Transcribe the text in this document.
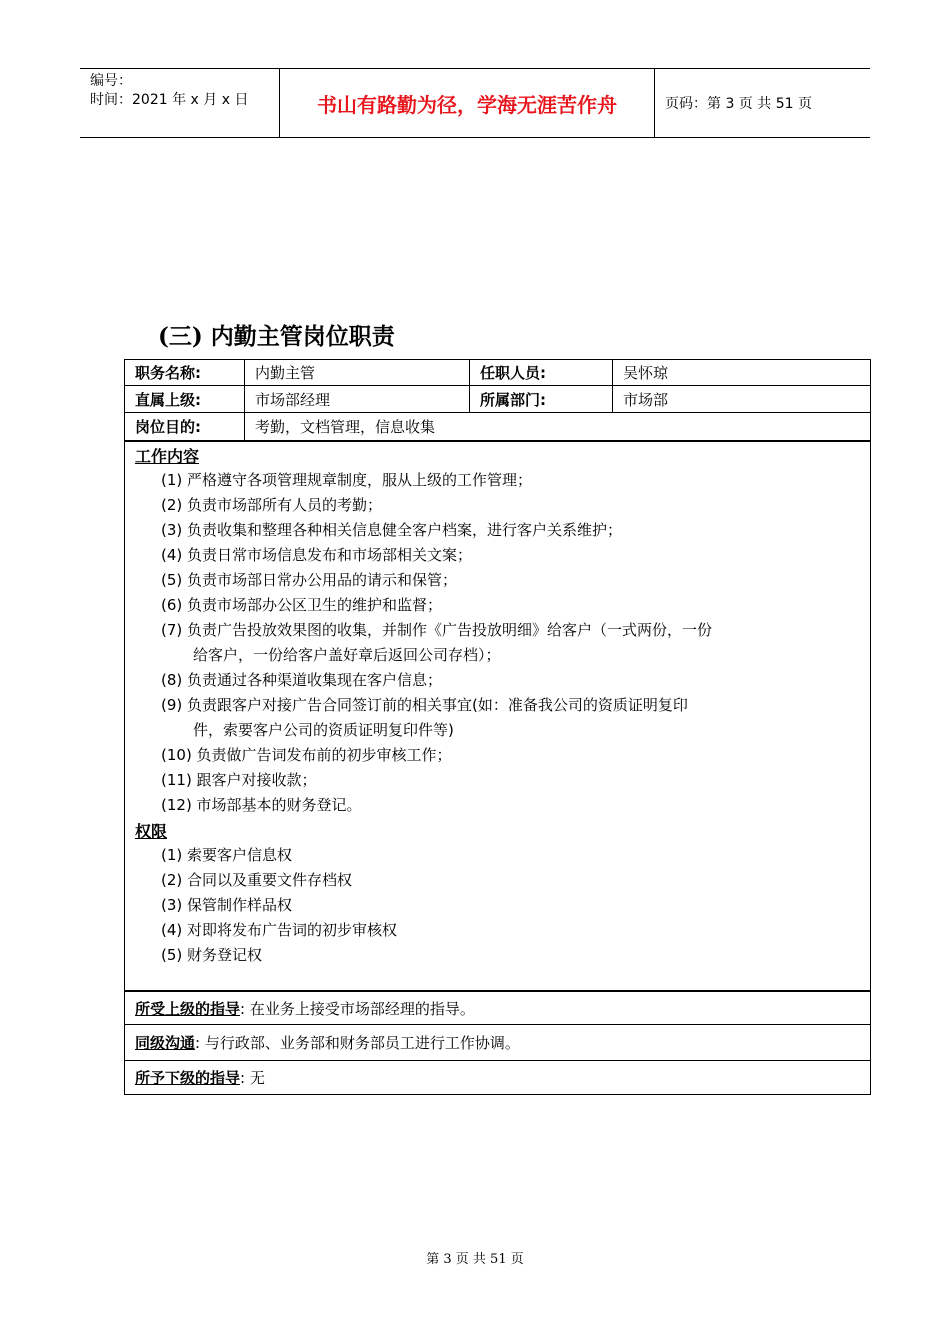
编号：
时间：2021 年 x 月 x 日	书山有路勤为径，学海无涯苦作舟	页码：第 3 页 共 51 页
(三) 内勤主管岗位职责
职务名称:	内勤主管	任职人员:	吴怀琼
直属上级:	市场部经理	所属部门:	市场部
岗位目的:	考勤，文档管理，信息收集
工作内容
(1) 严格遵守各项管理规章制度，服从上级的工作管理；
(2) 负责市场部所有人员的考勤；
(3) 负责收集和整理各种相关信息健全客户档案，进行客户关系维护；
(4) 负责日常市场信息发布和市场部相关文案；
(5) 负责市场部日常办公用品的请示和保管；
(6) 负责市场部办公区卫生的维护和监督；
(7) 负责广告投放效果图的收集，并制作《广告投放明细》给客户（一式两份，一份
给客户，一份给客户盖好章后返回公司存档）；
(8) 负责通过各种渠道收集现在客户信息；
(9) 负责跟客户对接广告合同签订前的相关事宜(如：准备我公司的资质证明复印
件，索要客户公司的资质证明复印件等)
(10) 负责做广告词发布前的初步审核工作；
(11) 跟客户对接收款；
(12) 市场部基本的财务登记。
权限
(1) 索要客户信息权
(2) 合同以及重要文件存档权
(3) 保管制作样品权
(4) 对即将发布广告词的初步审核权
(5) 财务登记权
所受上级的指导 : 在业务上接受市场部经理的指导。
同级沟通 : 与行政部、业务部和财务部员工进行工作协调。
所予下级的指导 : 无
第 3 页 共 51 页
